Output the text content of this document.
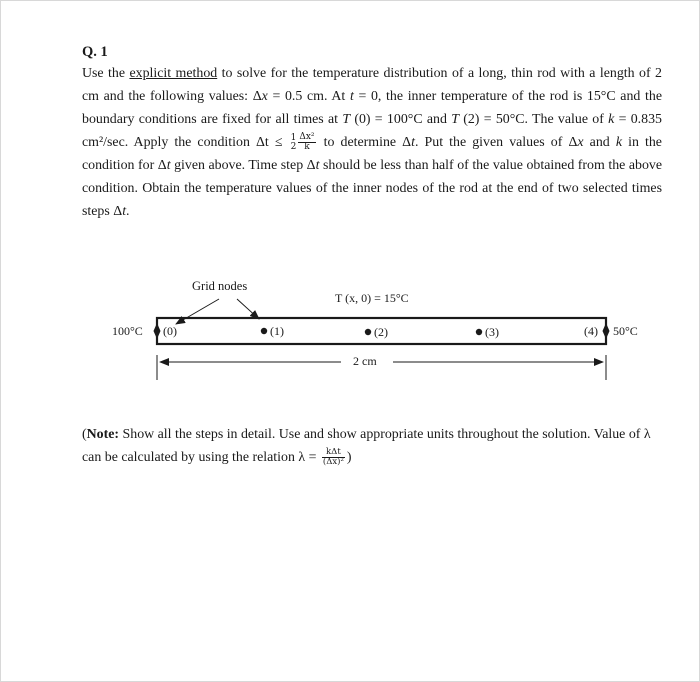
Q. 1
Use the explicit method to solve for the temperature distribution of a long, thin rod with a length of 2 cm and the following values: Δx = 0.5 cm. At t = 0, the inner temperature of the rod is 15°C and the boundary conditions are fixed for all times at T (0) = 100°C and T (2) = 50°C. The value of k = 0.835 cm²/sec. Apply the condition Δt ≤ 1
$2 \frac{\text{Δx²}}{k}$ to determine Δt. Put the given values of Δx and k in the condition for Δt given above. Time step Δt should be less than half of the value obtained from the above condition. Obtain the temperature values of the inner nodes of the rod at the end of two selected times steps Δt.
Grid nodes
T (x, 0) = 15°C
100°C (0)	(1)	(2)	(3)	(4) 50°C
2 cm
(Note: Show all the steps in detail. Use and show appropriate units throughout the solution. Value of λ can be calculated by using the relation $\lambda = \frac{\text{kΔt}}{\text{(Δx)²}}$ )
